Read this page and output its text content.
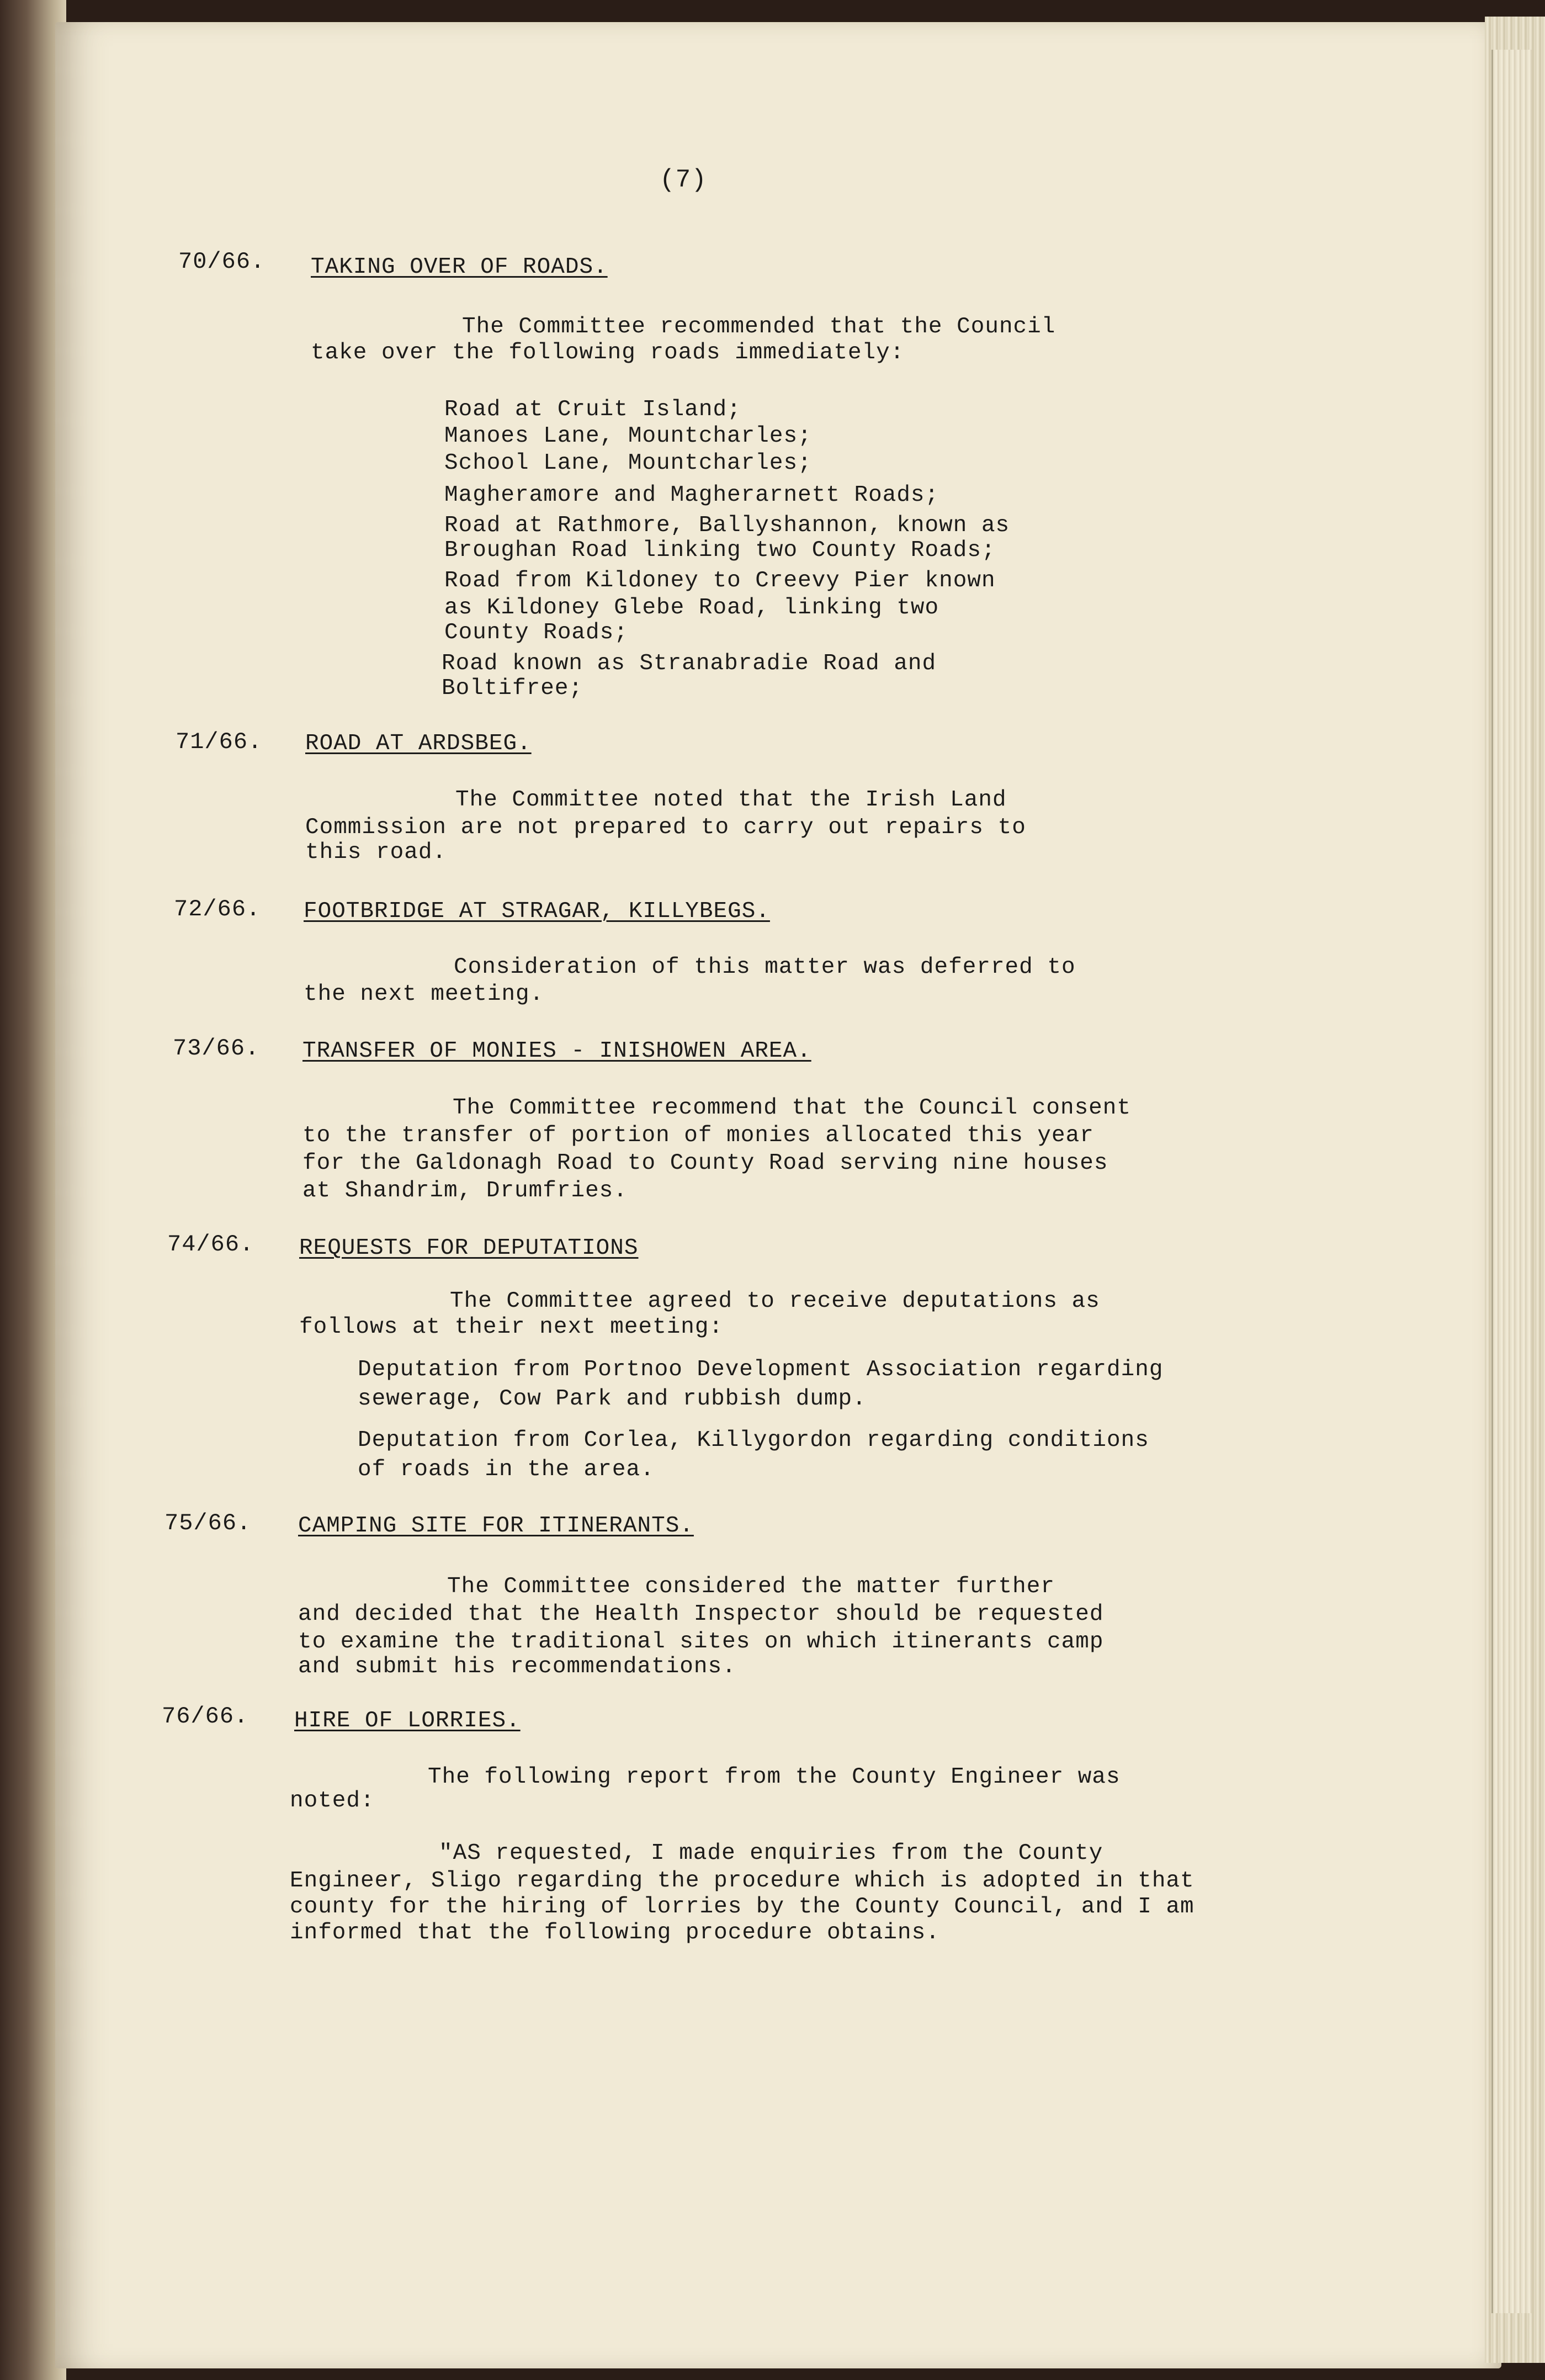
(7)
70/66. TAKING OVER OF ROADS.
The Committee recommended that the Council
take over the following roads immediately:
Road at Cruit Island;
Manoes Lane, Mountcharles;
School Lane, Mountcharles;
Magheramore and Magherarnett Roads;
Road at Rathmore, Ballyshannon, known as
Broughan Road linking two County Roads;
Road from Kildoney to Creevy Pier known
as Kildoney Glebe Road, linking two
County Roads;
Road known as Stranabradie Road and
Boltifree;
71/66. ROAD AT ARDSBEG.
The Committee noted that the Irish Land
Commission are not prepared to carry out repairs to
this road.
72/66. FOOTBRIDGE AT STRAGAR, KILLYBEGS.
Consideration of this matter was deferred to
the next meeting.
73/66. TRANSFER OF MONIES - INISHOWEN AREA.
The Committee recommend that the Council consent
to the transfer of portion of monies allocated this year
for the Galdonagh Road to County Road serving nine houses
at Shandrim, Drumfries.
74/66. REQUESTS FOR DEPUTATIONS
The Committee agreed to receive deputations as
follows at their next meeting:
Deputation from Portnoo Development Association regarding
sewerage, Cow Park and rubbish dump.
Deputation from Corlea, Killygordon regarding conditions
of roads in the area.
75/66. CAMPING SITE FOR ITINERANTS.
The Committee considered the matter further
and decided that the Health Inspector should be requested
to examine the traditional sites on which itinerants camp
and submit his recommendations.
76/66. HIRE OF LORRIES.
The following report from the County Engineer was
noted:
"AS requested, I made enquiries from the County
Engineer, Sligo regarding the procedure which is adopted in that
county for the hiring of lorries by the County Council, and I am
informed that the following procedure obtains.
